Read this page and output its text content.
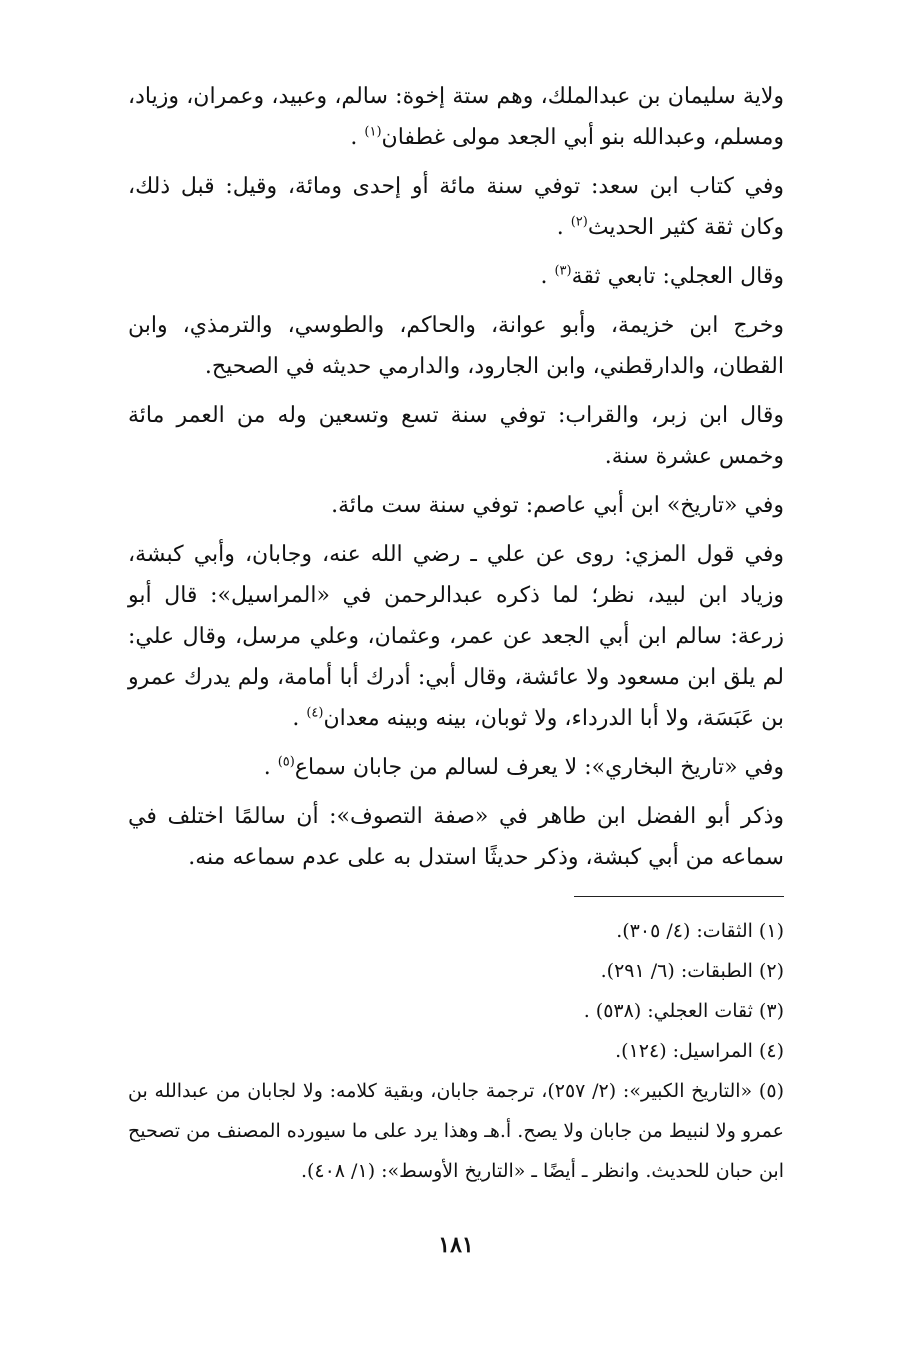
ولاية سليمان بن عبدالملك، وهم ستة إخوة: سالم، وعبيد، وعمران، وزياد، ومسلم، وعبدالله بنو أبي الجعد مولى غطفان$^{(١)}$ .

وفي كتاب ابن سعد: توفي سنة مائة أو إحدى ومائة، وقيل: قبل ذلك، وكان ثقة كثير الحديث$^{(٢)}$ .

وقال العجلي: تابعي ثقة$^{(٣)}$ .

وخرج ابن خزيمة، وأبو عوانة، والحاكم، والطوسي، والترمذي، وابن القطان، والدارقطني، وابن الجارود، والدارمي حديثه في الصحيح.

وقال ابن زبر، والقراب: توفي سنة تسع وتسعين وله من العمر مائة وخمس عشرة سنة.

وفي «تاريخ» ابن أبي عاصم: توفي سنة ست مائة.

وفي قول المزي: روى عن علي ـ رضي الله عنه، وجابان، وأبي كبشة، وزياد ابن لبيد، نظر؛ لما ذكره عبدالرحمن في «المراسيل»: قال أبو زرعة: سالم ابن أبي الجعد عن عمر، وعثمان، وعلي مرسل، وقال علي: لم يلق ابن مسعود ولا عائشة، وقال أبي: أدرك أبا أمامة، ولم يدرك عمرو بن عَبَسَة، ولا أبا الدرداء، ولا ثوبان، بينه وبينه معدان$^{(٤)}$ .

وفي «تاريخ البخاري»: لا يعرف لسالم من جابان سماع$^{(٥)}$ .

وذكر أبو الفضل ابن طاهر في «صفة التصوف»: أن سالمًا اختلف في سماعه من أبي كبشة، وذكر حديثًا استدل به على عدم سماعه منه.

(١) الثقات: (٤/ ٣٠٥).

(٢) الطبقات: (٦/ ٢٩١).

(٣) ثقات العجلي: (٥٣٨) .

(٤) المراسيل: (١٢٤).

(٥) «التاريخ الكبير»: (٢/ ٢٥٧)، ترجمة جابان، وبقية كلامه: ولا لجابان من عبدالله بن عمرو ولا لنبيط من جابان ولا يصح. أ.هـ وهذا يرد على ما سيورده المصنف من تصحيح ابن حبان للحديث. وانظر ـ أيضًا ـ «التاريخ الأوسط»: (١/ ٤٠٨).

١٨١
